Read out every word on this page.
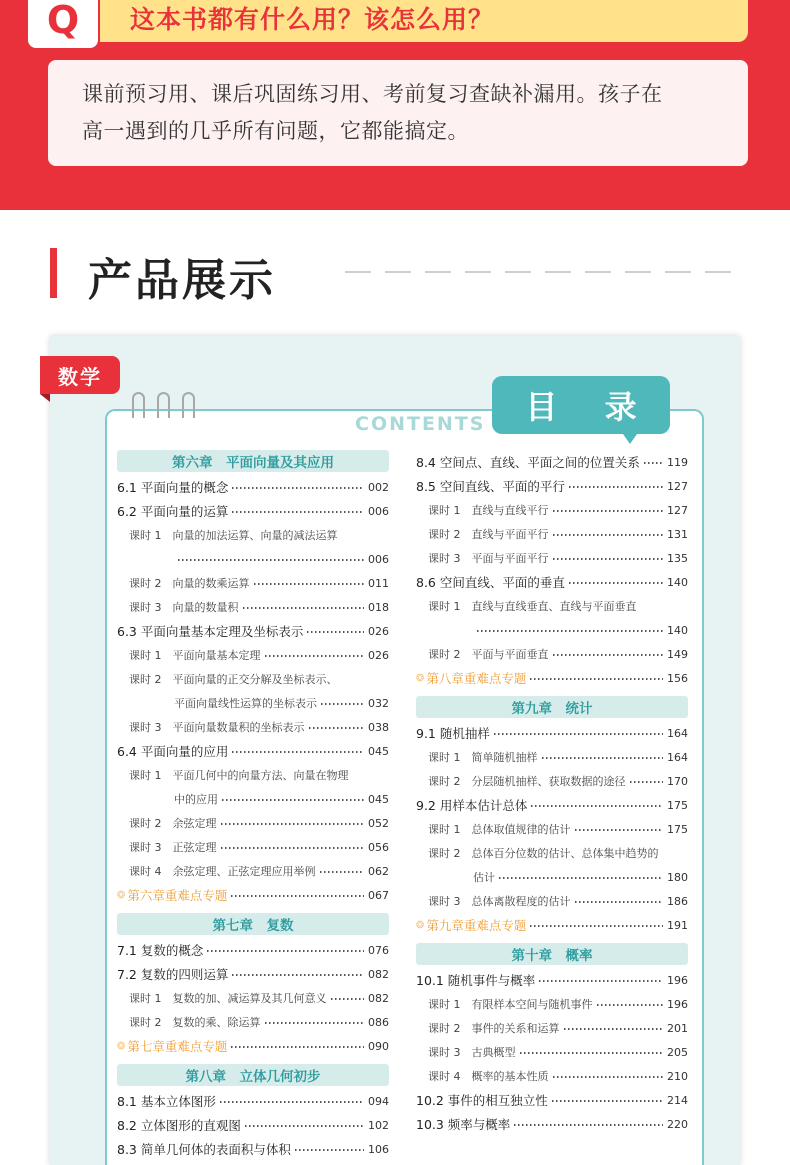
Q 这本书都有什么用？该怎么用？

课前预习用、课后巩固练习用、考前复习查缺补漏用。孩子在

高一遇到的几乎所有问题，它都能搞定。

产品展示
数学
CONTENTS	目 录
第六章　平面向量及其应用
6.1 平面向量的概念	002
6.2 平面向量的运算	006
课时 1　向量的加法运算、向量的减法运算
006
课时 2　向量的数乘运算	011
课时 3　向量的数量积	018
6.3 平面向量基本定理及坐标表示	026
课时 1　平面向量基本定理	026
课时 2　平面向量的正交分解及坐标表示、
平面向量线性运算的坐标表示	032
课时 3　平面向量数量积的坐标表示	038
6.4 平面向量的应用	045
课时 1　平面几何中的向量方法、向量在物理
中的应用	045
课时 2　余弦定理	052
课时 3　正弦定理	056
课时 4　余弦定理、正弦定理应用举例	062
❂ 第六章重难点专题	067
第七章　复数
7.1 复数的概念	076
7.2 复数的四则运算	082
课时 1　复数的加、减运算及其几何意义	082
课时 2　复数的乘、除运算	086
❂ 第七章重难点专题	090
第八章　立体几何初步
8.1 基本立体图形	094
8.2 立体图形的直观图	102
8.3 简单几何体的表面积与体积	106
8.4 空间点、直线、平面之间的位置关系 119
8.5 空间直线、平面的平行	127
课时 1　直线与直线平行	127
课时 2　直线与平面平行	131
课时 3　平面与平面平行	135
8.6 空间直线、平面的垂直	140
课时 1　直线与直线垂直、直线与平面垂直
140
课时 2　平面与平面垂直	149
❂ 第八章重难点专题	156
第九章　统计
9.1 随机抽样	164
课时 1　简单随机抽样	164
课时 2　分层随机抽样、获取数据的途径	170
9.2 用样本估计总体	175
课时 1　总体取值规律的估计	175
课时 2　总体百分位数的估计、总体集中趋势的
估计	180
课时 3　总体离散程度的估计	186
❂ 第九章重难点专题	191
第十章　概率
10.1 随机事件与概率	196
课时 1　有限样本空间与随机事件	196
课时 2　事件的关系和运算	201
课时 3　古典概型	205
课时 4　概率的基本性质	210
10.2 事件的相互独立性	214
10.3 频率与概率	220
